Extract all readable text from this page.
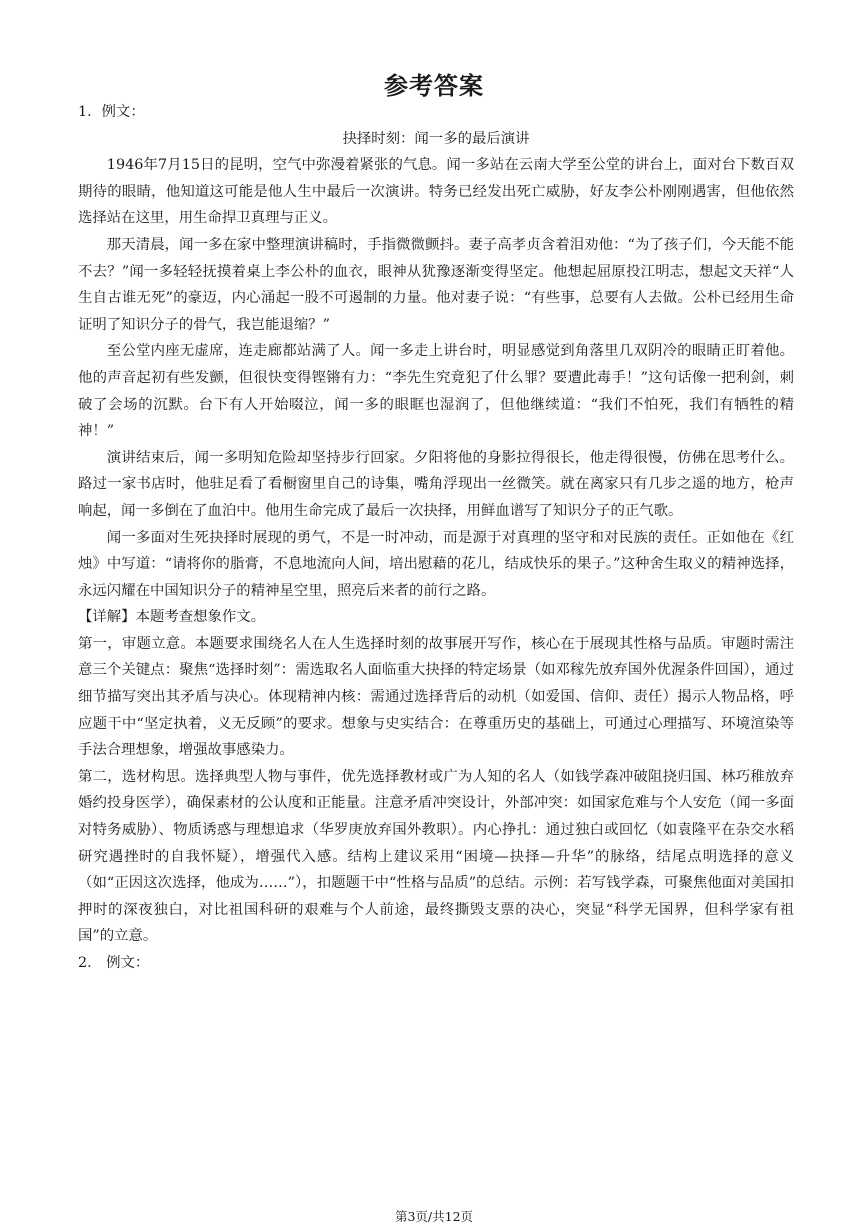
参考答案

1．例文：

抉择时刻：闻一多的最后演讲

1946年7月15日的昆明，空气中弥漫着紧张的气息。闻一多站在云南大学至公堂的讲台上，面对台下数百双期待的眼睛，他知道这可能是他人生中最后一次演讲。特务已经发出死亡威胁，好友李公朴刚刚遇害，但他依然选择站在这里，用生命捍卫真理与正义。

那天清晨，闻一多在家中整理演讲稿时，手指微微颤抖。妻子高孝贞含着泪劝他：“为了孩子们，今天能不能不去？”闻一多轻轻抚摸着桌上李公朴的血衣，眼神从犹豫逐渐变得坚定。他想起屈原投江明志，想起文天祥“人生自古谁无死”的豪迈，内心涌起一股不可遏制的力量。他对妻子说：“有些事，总要有人去做。公朴已经用生命证明了知识分子的骨气，我岂能退缩？”

至公堂内座无虚席，连走廊都站满了人。闻一多走上讲台时，明显感觉到角落里几双阴冷的眼睛正盯着他。他的声音起初有些发颤，但很快变得铿锵有力：“李先生究竟犯了什么罪？要遭此毒手！”这句话像一把利剑，刺破了会场的沉默。台下有人开始啜泣，闻一多的眼眶也湿润了，但他继续道：“我们不怕死，我们有牺牲的精神！”

演讲结束后，闻一多明知危险却坚持步行回家。夕阳将他的身影拉得很长，他走得很慢，仿佛在思考什么。路过一家书店时，他驻足看了看橱窗里自己的诗集，嘴角浮现出一丝微笑。就在离家只有几步之遥的地方，枪声响起，闻一多倒在了血泊中。他用生命完成了最后一次抉择，用鲜血谱写了知识分子的正气歌。

闻一多面对生死抉择时展现的勇气，不是一时冲动，而是源于对真理的坚守和对民族的责任。正如他在《红烛》中写道：“请将你的脂膏，不息地流向人间，培出慰藉的花儿，结成快乐的果子。”这种舍生取义的精神选择，永远闪耀在中国知识分子的精神星空里，照亮后来者的前行之路。

【详解】本题考查想象作文。

第一，审题立意。本题要求围绕名人在人生选择时刻的故事展开写作，核心在于展现其性格与品质。审题时需注意三个关键点：聚焦“选择时刻”：需选取名人面临重大抉择的特定场景（如邓稼先放弃国外优渥条件回国），通过细节描写突出其矛盾与决心。体现精神内核：需通过选择背后的动机（如爱国、信仰、责任）揭示人物品格，呼应题干中“坚定执着，义无反顾”的要求。想象与史实结合：在尊重历史的基础上，可通过心理描写、环境渲染等手法合理想象，增强故事感染力。

第二，选材构思。选择典型人物与事件，优先选择教材或广为人知的名人（如钱学森冲破阻挠归国、林巧稚放弃婚约投身医学），确保素材的公认度和正能量。注意矛盾冲突设计，外部冲突：如国家危难与个人安危（闻一多面对特务威胁）、物质诱惑与理想追求（华罗庚放弃国外教职）。内心挣扎：通过独白或回忆（如袁隆平在杂交水稻研究遇挫时的自我怀疑），增强代入感。结构上建议采用“困境—抉择—升华”的脉络，结尾点明选择的意义（如“正因这次选择，他成为……”），扣题题干中“性格与品质”的总结。示例：若写钱学森，可聚焦他面对美国扣押时的深夜独白，对比祖国科研的艰难与个人前途，最终撕毁支票的决心，突显“科学无国界，但科学家有祖国”的立意。

2． 例文：

第3页/共12页
